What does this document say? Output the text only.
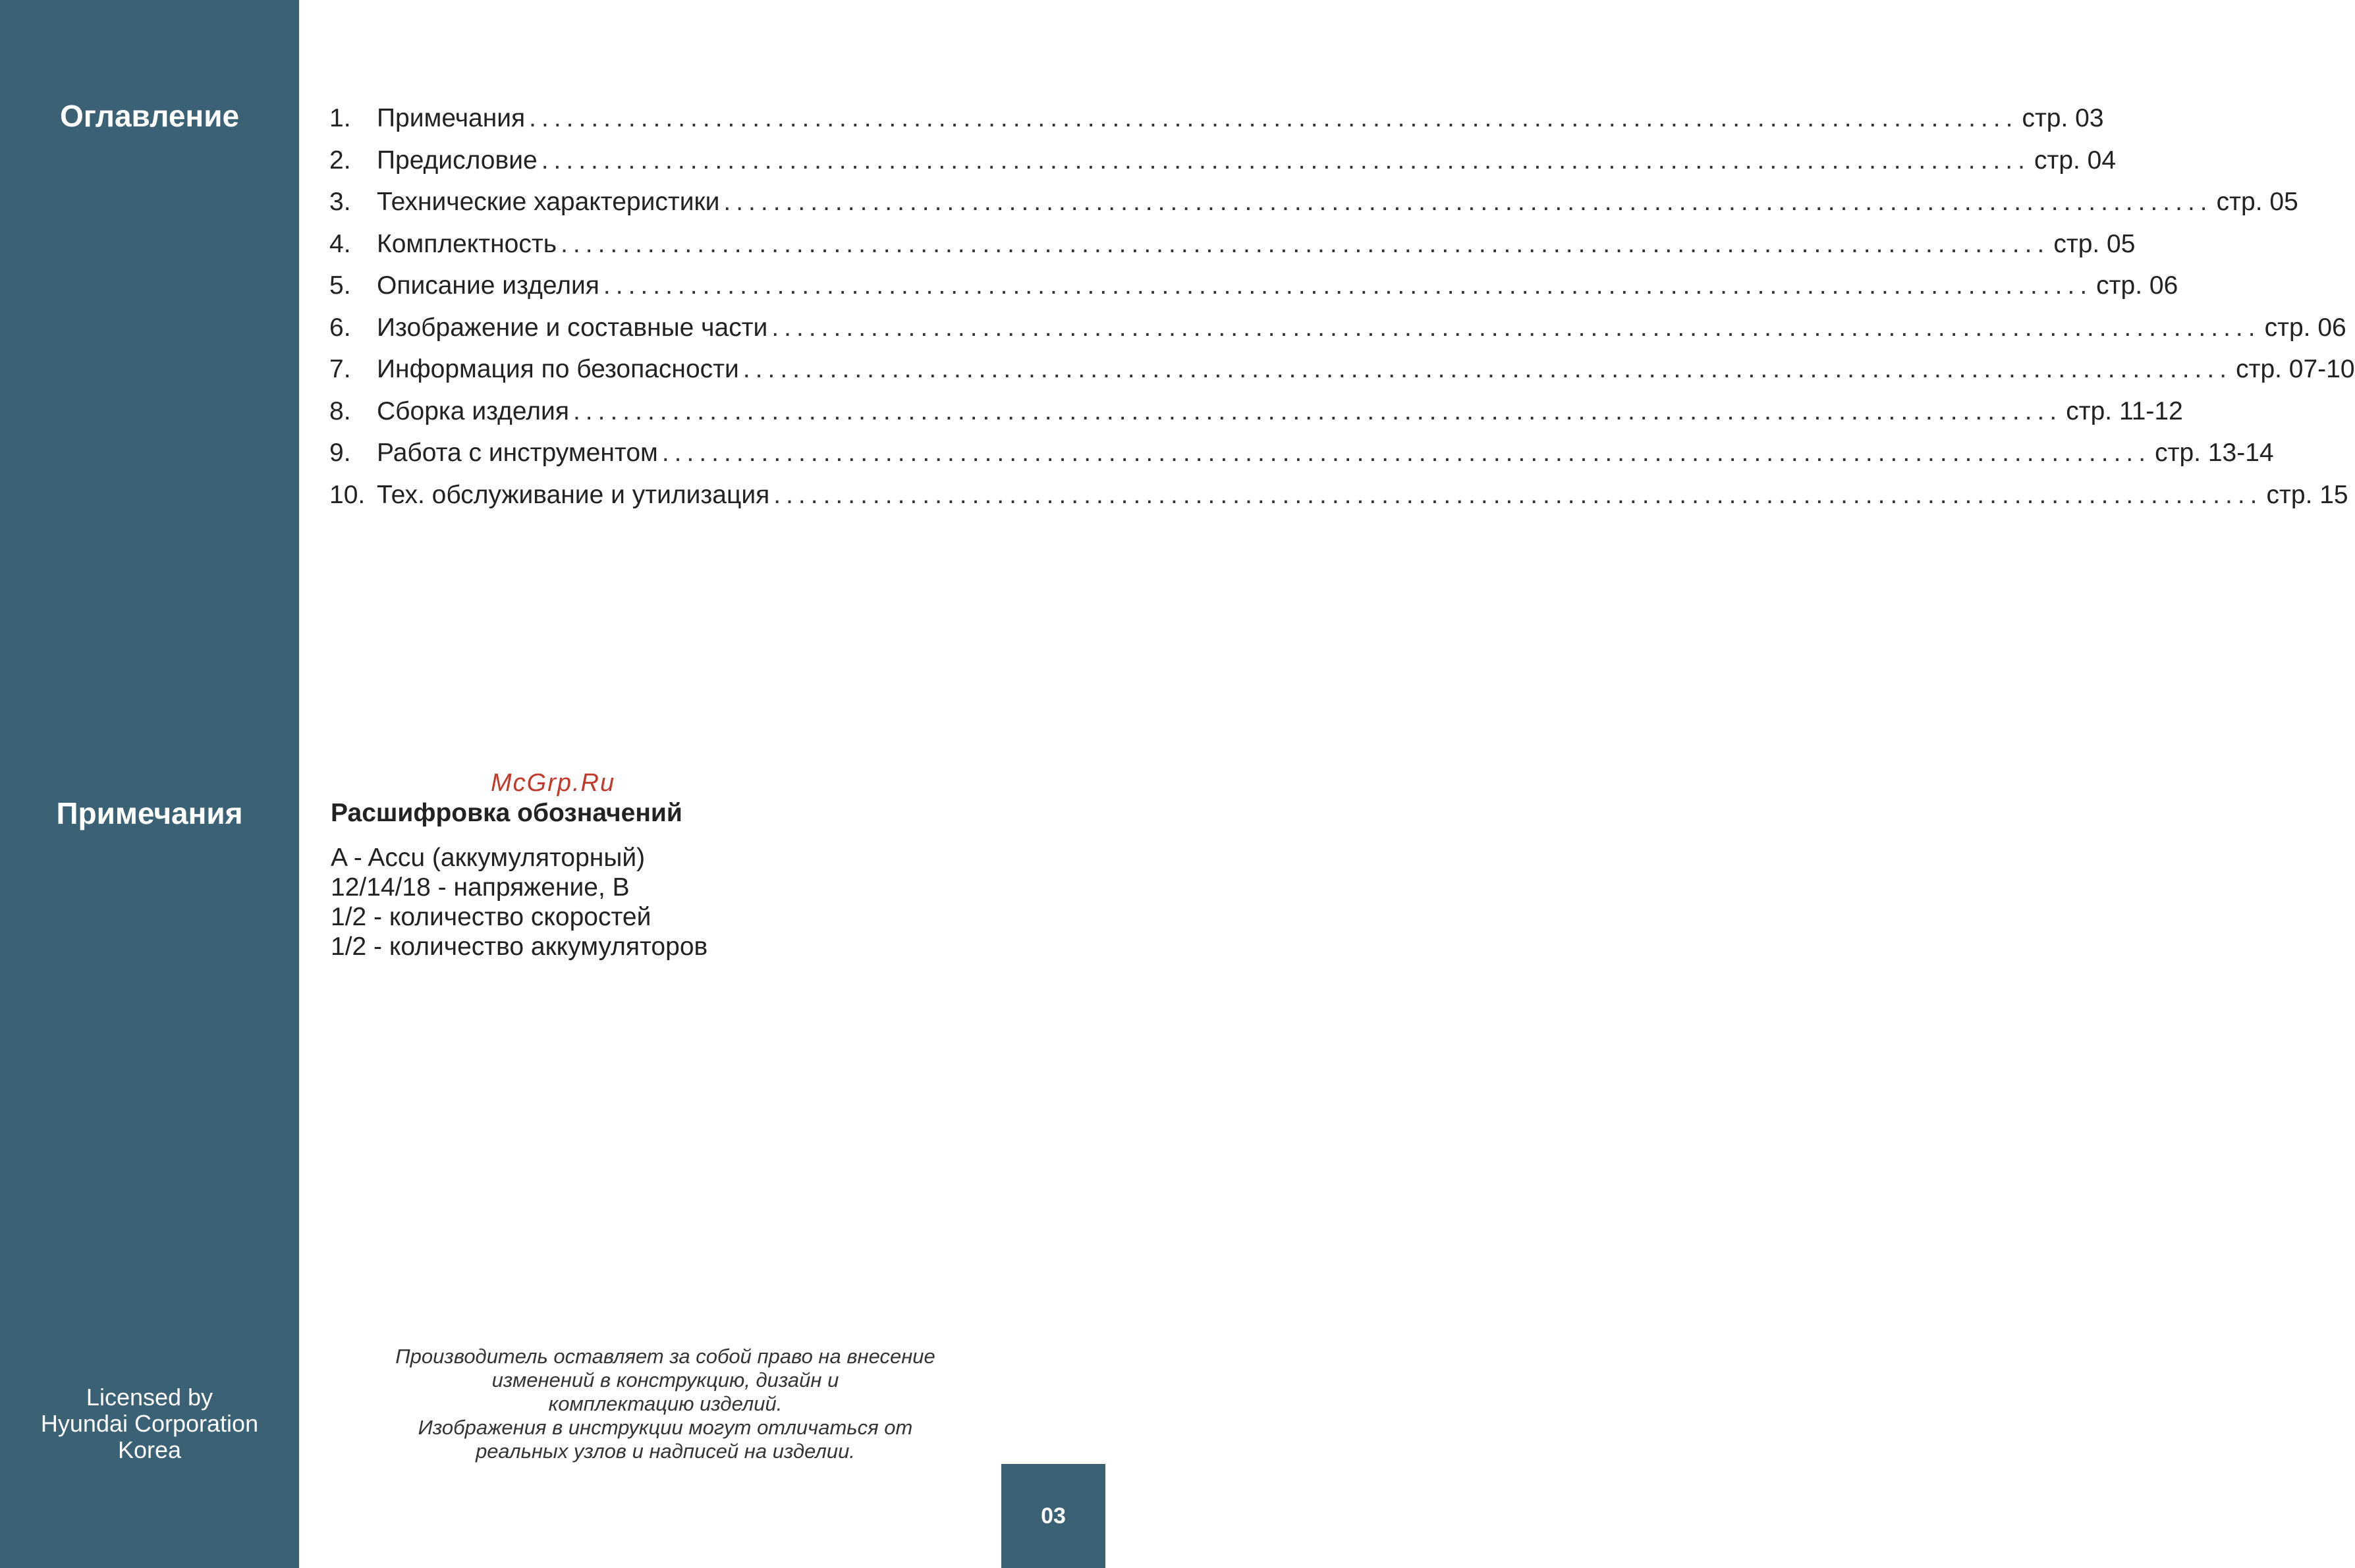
Оглавление
Примечания
Licensed by
Hyundai Corporation
Korea
1.	Примечания ........................................................................................................................ стр. 03
2.	Предисловие ........................................................................................................................ стр. 04
3.	Технические характеристики ........................................................................................................................ стр. 05
4.	Комплектность ........................................................................................................................ стр. 05
5.	Описание изделия ........................................................................................................................ стр. 06
6.	Изображение и составные части ........................................................................................................................ стр. 06
7.	Информация по безопасности ........................................................................................................................ стр. 07-10
8.	Сборка изделия ........................................................................................................................ стр. 11-12
9.	Работа с инструментом ........................................................................................................................ стр. 13-14
10. Тех. обслуживание и утилизация ........................................................................................................................ стр. 15
McGrp.Ru
Расшифровка обозначений
A - Accu (аккумуляторный)
12/14/18 - напряжение, В
1/2 - количество скоростей
1/2 - количество аккумуляторов
Производитель оставляет за собой право на внесение
изменений в конструкцию, дизайн и
комплектацию изделий.
Изображения в инструкции могут отличаться от
реальных узлов и надписей на изделии.
03
